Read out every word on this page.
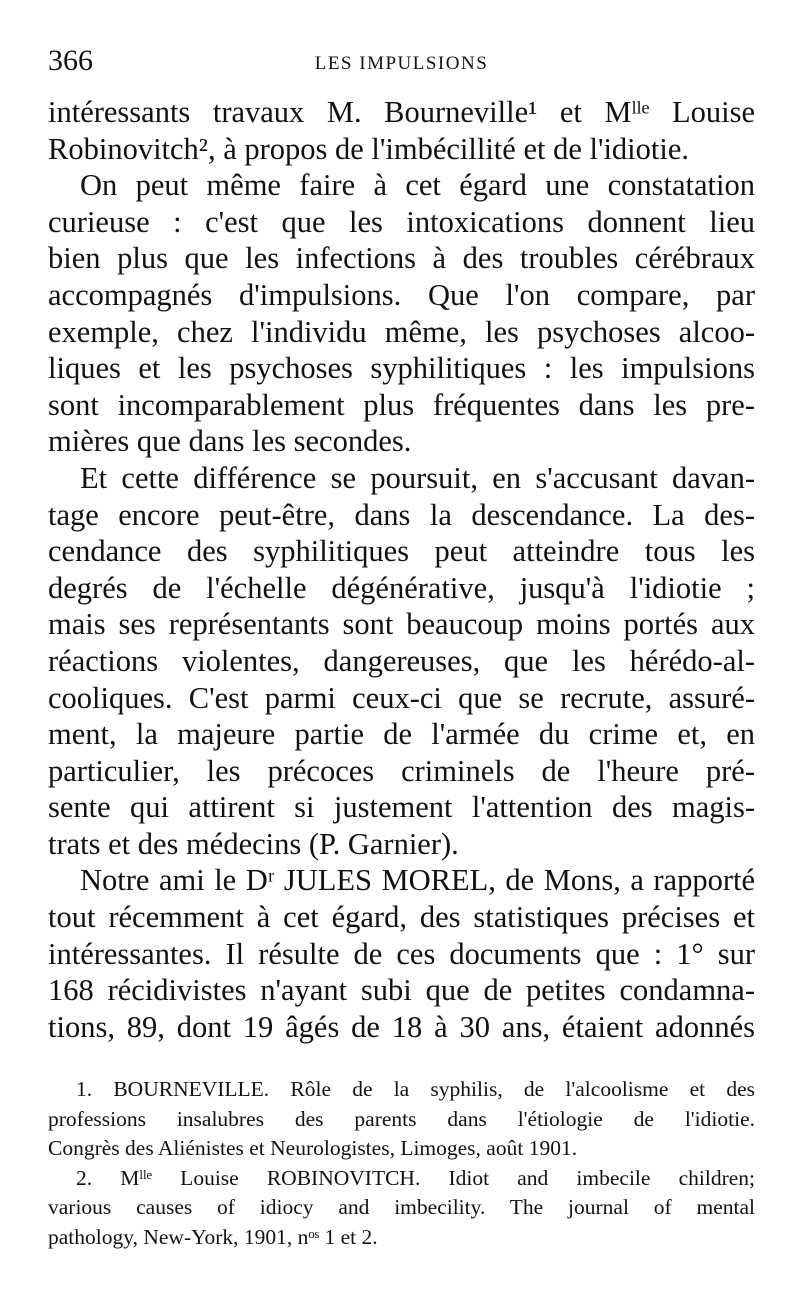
366	LES IMPULSIONS
intéressants travaux M. Bourneville¹ et Mˡˡᵉ Louise
Robinovitch², à propos de l'imbécillité et de l'idiotie.
On peut même faire à cet égard une constatation
curieuse : c'est que les intoxications donnent lieu
bien plus que les infections à des troubles cérébraux
accompagnés d'impulsions. Que l'on compare, par
exemple, chez l'individu même, les psychoses alcoo-
liques et les psychoses syphilitiques : les impulsions
sont incomparablement plus fréquentes dans les pre-
mières que dans les secondes.
Et cette différence se poursuit, en s'accusant davan-
tage encore peut-être, dans la descendance. La des-
cendance des syphilitiques peut atteindre tous les
degrés de l'échelle dégénérative, jusqu'à l'idiotie ;
mais ses représentants sont beaucoup moins portés aux
réactions violentes, dangereuses, que les hérédo-al-
cooliques. C'est parmi ceux-ci que se recrute, assuré-
ment, la majeure partie de l'armée du crime et, en
particulier, les précoces criminels de l'heure pré-
sente qui attirent si justement l'attention des magis-
trats et des médecins (P. Garnier).
Notre ami le Dʳ JULES MOREL, de Mons, a rapporté
tout récemment à cet égard, des statistiques précises et
intéressantes. Il résulte de ces documents que : 1° sur
168 récidivistes n'ayant subi que de petites condamna-
tions, 89, dont 19 âgés de 18 à 30 ans, étaient adonnés
1. BOURNEVILLE. Rôle de la syphilis, de l'alcoolisme et des
professions insalubres des parents dans l'étiologie de l'idiotie.
Congrès des Aliénistes et Neurologistes, Limoges, août 1901.
2. Mˡˡᵉ Louise ROBINOVITCH. Idiot and imbecile children;
various causes of idiocy and imbecility. The journal of mental
pathology, New-York, 1901, nᵒˢ 1 et 2.
